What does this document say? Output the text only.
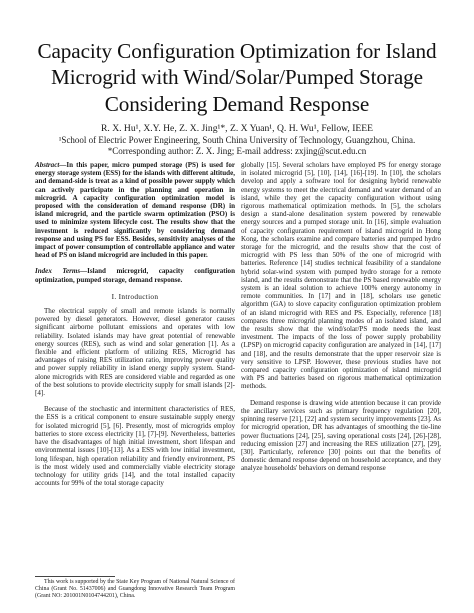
Capacity Configuration Optimization for Island
Microgrid with Wind/Solar/Pumped Storage
Considering Demand Response
R. X. Hu¹, X.Y. He, Z. X. Jing¹*, Z. X Yuan¹, Q. H. Wu¹, Fellow, IEEE
¹School of Electric Power Engineering, South China University of Technology, Guangzhou, China.
*Corresponding author: Z. X. Jing; E-mail address: zxjing@scut.edu.cn

Abstract—In this paper, micro pumped storage (PS) is used for energy storage system (ESS) for the islands with different altitude, and demand-side is treat as a kind of possible power supply which can actively participate in the planning and operation in microgrid. A capacity configuration optimization model is proposed with the consideration of demand response (DR) in island microgrid, and the particle swarm optimization (PSO) is used to minimize system lifecycle cost. The results show that the investment is reduced significantly by considering demand response and using PS for ESS. Besides, sensitivity analyses of the impact of power consumption of controllable appliance and water head of PS on island microgrid are included in this paper.

Index Terms—Island microgrid, capacity configuration optimization, pumped storage, demand response.

I. Introduction

The electrical supply of small and remote islands is normally powered by diesel generators. However, diesel generator causes significant airborne pollutant emissions and operates with low reliability. Isolated islands may have great potential of renewable energy sources (RES), such as wind and solar generation [1]. As a flexible and efficient platform of utilizing RES, Microgrid has advantages of raising RES utilization ratio, improving power quality and power supply reliability in island energy supply system. Stand-alone microgrids with RES are considered viable and regarded as one of the best solutions to provide electricity supply for small islands [2]-[4].

Because of the stochastic and intermittent characteristics of RES, the ESS is a critical component to ensure sustainable supply energy for isolated microgrid [5], [6]. Presently, most of microgrids employ batteries to store excess electricity [1], [7]-[9]. Nevertheless, batteries have the disadvantages of high initial investment, short lifespan and environmental issues [10]-[13]. As a ESS with low initial investment, long lifespan, high operation reliability and friendly environment, PS is the most widely used and commercially viable electricity storage technology for utility grids [14], and the total installed capacity accounts for 99% of the total storage capacity

globally [15]. Several scholars have employed PS for energy storage in isolated microgrid [5], [10], [14], [16]-[19]. In [10], the scholars develop and apply a software tool for designing hybrid renewable energy systems to meet the electrical demand and water demand of an island, while they get the capacity configuration without using rigorous mathematical optimization methods. In [5], the scholars design a stand-alone desalination system powered by renewable energy sources and a pumped storage unit. In [16], simple evaluation of capacity configuration requirement of island microgrid in Hong Kong, the scholars examine and compare batteries and pumped hydro storage for the microgrid, and the results show that the cost of microgrid with PS less than 50% of the one of microgrid with batteries. Reference [14] studies technical feasibility of a standalone hybrid solar-wind system with pumped hydro storage for a remote island, and the results demonstrate that the PS based renewable energy system is an ideal solution to achieve 100% energy autonomy in remote communities. In [17] and in [18], scholars use genetic algorithm (GA) to slove capacity configuration optimization problem of an island microgrid with RES and PS. Especially, reference [18] compares three microgrid planning modes of an isolated island, and the results show that the wind/solar/PS mode needs the least investment. The impacts of the loss of power supply probability (LPSP) on microgrid capacity configuration are analyzed in [14], [17] and [18], and the results demonstrate that the upper reservoir size is very sensitive to LPSP. However, these previous studies have not compared capacity configuration optimization of island microgrid with PS and batteries based on rigorous mathematical optimization methods.

Demand response is drawing wide attention because it can provide the ancillary services such as primary frequency regulation [20], spinning reserve [21], [22] and system security improvements [23]. As for microgrid operation, DR has advantages of smoothing the tie-line power fluctuations [24], [25], saving operational costs [24], [26]-[28], reducing emission [27] and increasing the RES utilization [27], [29], [30]. Particularly, reference [30] points out that the benefits of domestic demand response depend on household acceptance, and they analyze households' behaviors on demand response

This work is supported by the State Key Program of National Natural Science of China (Grant No. 51437006) and Guangdong Innovative Research Team Program (Grant NO: 201001N0104744201), China.
